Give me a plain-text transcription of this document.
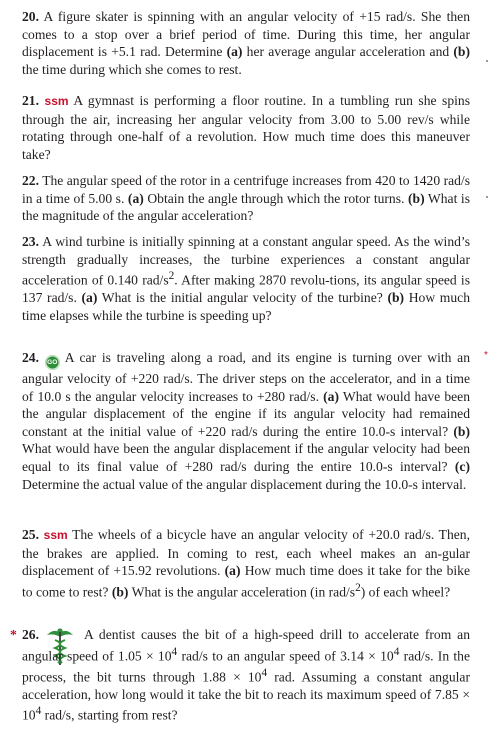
20. A figure skater is spinning with an angular velocity of +15 rad/s. She then comes to a stop over a brief period of time. During this time, her angular displacement is +5.1 rad. Determine (a) her average angular acceleration and (b) the time during which she comes to rest.

21. ssm A gymnast is performing a floor routine. In a tumbling run she spins through the air, increasing her angular velocity from 3.00 to 5.00 rev/s while rotating through one-half of a revolution. How much time does this maneuver take?

22. The angular speed of the rotor in a centrifuge increases from 420 to 1420 rad/s in a time of 5.00 s. (a) Obtain the angle through which the rotor turns. (b) What is the magnitude of the angular acceleration?

23. A wind turbine is initially spinning at a constant angular speed. As the wind’s strength gradually increases, the turbine experiences a constant angular acceleration of 0.140 rad/$s^2$. After making 2870 revolu-tions, its angular speed is 137 rad/s. (a) What is the initial angular velocity of the turbine? (b) How much time elapses while the turbine is speeding up?

24. GO A car is traveling along a road, and its engine is turning over with an angular velocity of +220 rad/s. The driver steps on the accelerator, and in a time of 10.0 s the angular velocity increases to +280 rad/s. (a) What would have been the angular displacement of the engine if its angular velocity had remained constant at the initial value of +220 rad/s during the entire 10.0-s interval? (b) What would have been the angular displacement if the angular velocity had been equal to its final value of +280 rad/s during the entire 10.0-s interval? (c) Determine the actual value of the angular displacement during the 10.0-s interval.

25. ssm The wheels of a bicycle have an angular velocity of +20.0 rad/s. Then, the brakes are applied. In coming to rest, each wheel makes an an-gular displacement of +15.92 revolutions. (a) How much time does it take for the bike to come to rest? (b) What is the angular acceleration (in rad/$s^2$) of each wheel?

* 26.	A dentist causes the bit of a high-speed drill to accelerate from an angular speed of $1.05 \times 10^4$ rad/s to an angular speed of $3.14 \times 10^4$ rad/s. In the process, the bit turns through $1.88 \times 10^4$ rad. Assuming a constant angular acceleration, how long would it take the bit to reach its maximum speed of $7.85 \times 10^4$ rad/s, starting from rest?

*
